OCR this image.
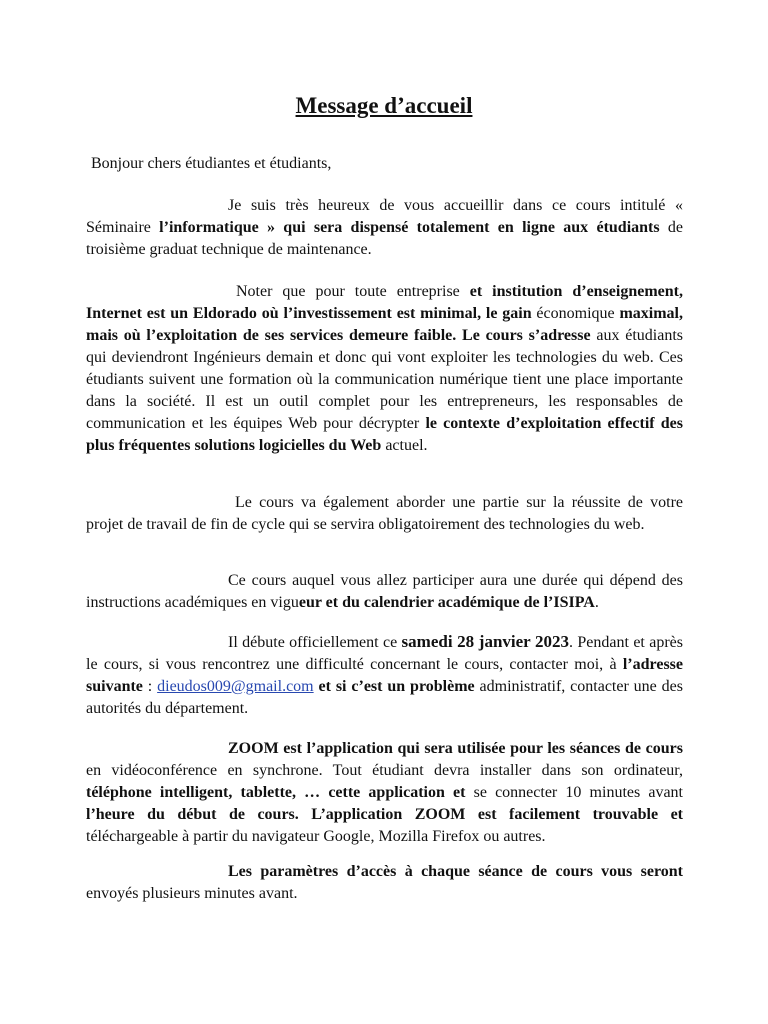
Message d’accueil

Bonjour chers étudiantes et étudiants,

Je suis très heureux de vous accueillir dans ce cours intitulé « Séminaire l’informatique » qui sera dispensé totalement en ligne aux étudiants de troisième graduat technique de maintenance.

Noter que pour toute entreprise et institution d’enseignement, Internet est un Eldorado où l’investissement est minimal, le gain économique maximal, mais où l’exploitation de ses services demeure faible. Le cours s’adresse aux étudiants qui deviendront Ingénieurs demain et donc qui vont exploiter les technologies du web. Ces étudiants suivent une formation où la communication numérique tient une place importante dans la société. Il est un outil complet pour les entrepreneurs, les responsables de communication et les équipes Web pour décrypter le contexte d’exploitation effectif des plus fréquentes solutions logicielles du Web actuel.

Le cours va également aborder une partie sur la réussite de votre projet de travail de fin de cycle qui se servira obligatoirement des technologies du web.

Ce cours auquel vous allez participer aura une durée qui dépend des instructions académiques en vigueur et du calendrier académique de l’ISIPA.

Il débute officiellement ce samedi 28 janvier 2023. Pendant et après le cours, si vous rencontrez une difficulté concernant le cours, contacter moi, à l’adresse suivante : dieudos009@gmail.com et si c’est un problème administratif, contacter une des autorités du département.

ZOOM est l’application qui sera utilisée pour les séances de cours en vidéoconférence en synchrone. Tout étudiant devra installer dans son ordinateur, téléphone intelligent, tablette, … cette application et se connecter 10 minutes avant l’heure du début de cours. L’application ZOOM est facilement trouvable et téléchargeable à partir du navigateur Google, Mozilla Firefox ou autres.

Les paramètres d’accès à chaque séance de cours vous seront envoyés plusieurs minutes avant.
